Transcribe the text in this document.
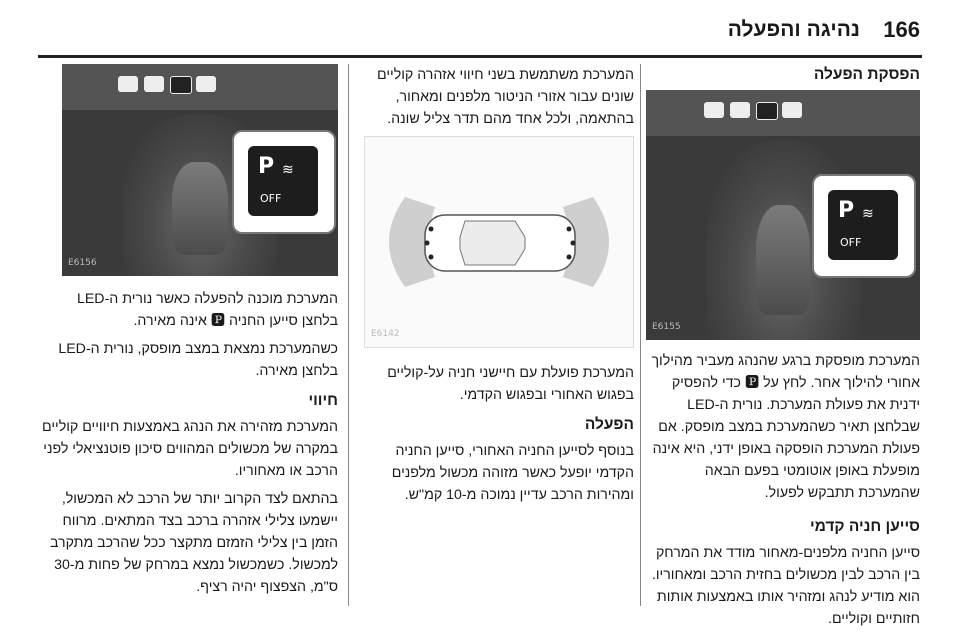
166
נהיגה והפעלה
הפסקת הפעלה
P ≋
OFF
E6155

המערכת מופסקת ברגע שהנהג מעביר מהילוך אחורי להילוך אחר. לחץ על 🅿 כדי להפסיק ידנית את פעולת המערכת. נורית ה-LED שבלחצן תאיר כשהמערכת במצב מופסק. אם פעולת המערכת הופסקה באופן ידני, היא אינה מופעלת באופן אוטומטי בפעם הבאה שהמערכת תתבקש לפעול.

סייען חניה קדמי

סייען החניה מלפנים-מאחור מודד את המרחק בין הרכב לבין מכשולים בחזית הרכב ומאחוריו. הוא מודיע לנהג ומזהיר אותו באמצעות אותות חזותיים וקוליים.

המערכת משתמשת בשני חיווי אזהרה קוליים שונים עבור אזורי הניטור מלפנים ומאחור, בהתאמה, ולכל אחד מהם תדר צליל שונה.

E6142

המערכת פועלת עם חיישני חניה על-קוליים בפגוש האחורי ובפגוש הקדמי.

הפעלה

בנוסף לסייען החניה האחורי, סייען החניה הקדמי יופעל כאשר מזוהה מכשול מלפנים ומהירות הרכב עדיין נמוכה מ-10 קמ"ש.

P ≋
OFF
E6156

המערכת מוכנה להפעלה כאשר נורית ה-LED בלחצן סייען החניה 🅿 אינה מאירה.

כשהמערכת נמצאת במצב מופסק, נורית ה-LED בלחצן מאירה.

חיווי

המערכת מזהירה את הנהג באמצעות חיוויים קוליים במקרה של מכשולים המהווים סיכון פוטנציאלי לפני הרכב או מאחוריו.

בהתאם לצד הקרוב יותר של הרכב לא המכשול, יישמעו צלילי אזהרה ברכב בצד המתאים. מרווח הזמן בין צלילי הזמזם מתקצר ככל שהרכב מתקרב למכשול. כשמכשול נמצא במרחק של פחות מ-30 ס"מ, הצפצוף יהיה רציף.
